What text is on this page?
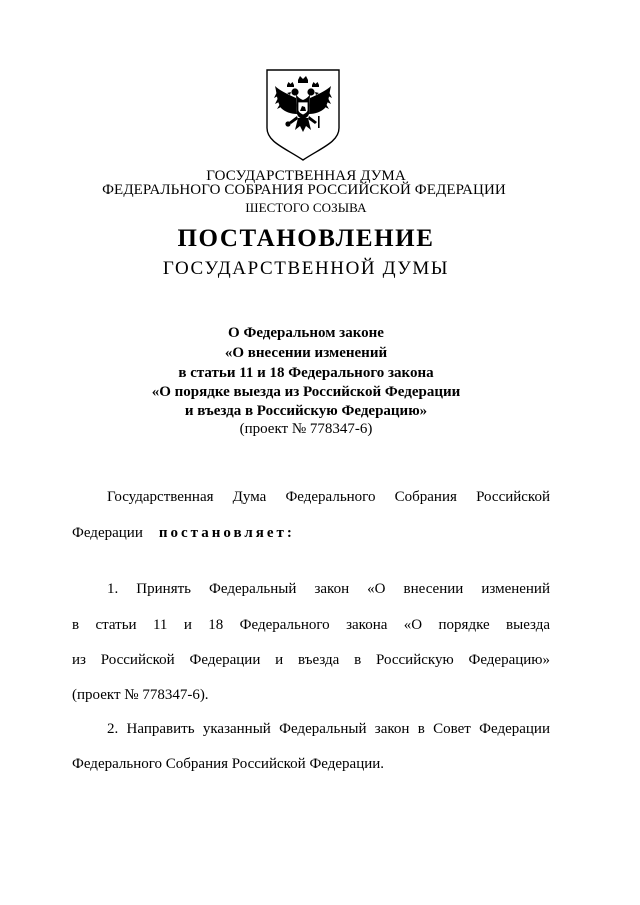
ГОСУДАРСТВЕННАЯ ДУМА
ФЕДЕРАЛЬНОГО СОБРАНИЯ РОССИЙСКОЙ ФЕДЕРАЦИИ
ШЕСТОГО СОЗЫВА
ПОСТАНОВЛЕНИЕ
ГОСУДАРСТВЕННОЙ ДУМЫ
О Федеральном законе
«О внесении изменений
в статьи 11 и 18 Федерального закона
«О порядке выезда из Российской Федерации
и въезда в Российскую Федерацию»
(проект № 778347-6)
Государственная Дума Федерального Собрания Российской
Федерации постановляет:
1. Принять Федеральный закон «О внесении изменений
в статьи 11 и 18 Федерального закона «О порядке выезда
из Российской Федерации и въезда в Российскую Федерацию»
(проект № 778347-6).
2. Направить указанный Федеральный закон в Совет Федерации
Федерального Собрания Российской Федерации.
